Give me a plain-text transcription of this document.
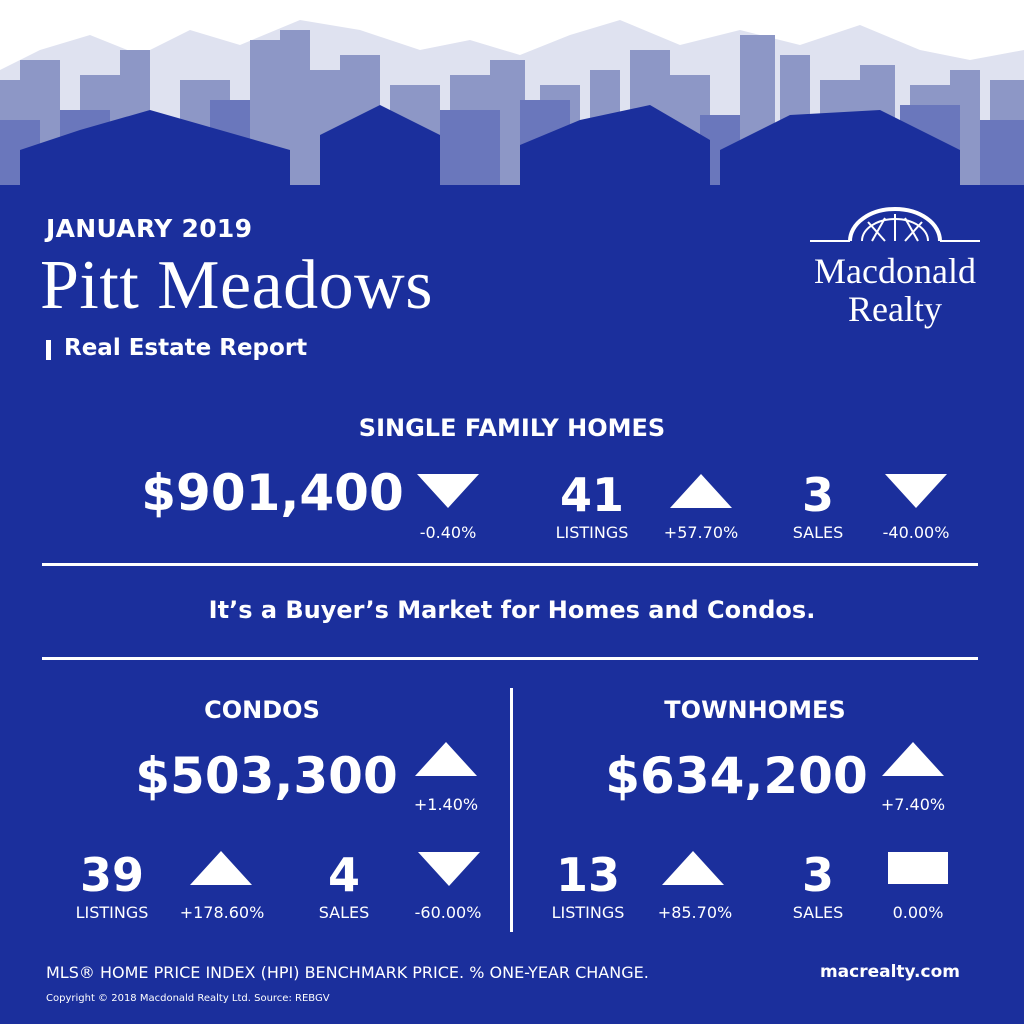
JANUARY 2019
Pitt Meadows
Real Estate Report
Macdonald
Realty
SINGLE FAMILY HOMES
$901,400
-0.40%
41
LISTINGS	+57.70%
3
SALES	-40.00%
It’s a Buyer’s Market for Homes and Condos.
CONDOS
$503,300	+1.40%
39
LISTINGS	+178.60%
4
SALES	-60.00%
TOWNHOMES
$634,200 +7.40%
13
LISTINGS	+85.70%
3
SALES	0.00%
MLS® HOME PRICE INDEX (HPI) BENCHMARK PRICE. % ONE-YEAR CHANGE.
Copyright © 2018 Macdonald Realty Ltd. Source: REBGV
macrealty.com
